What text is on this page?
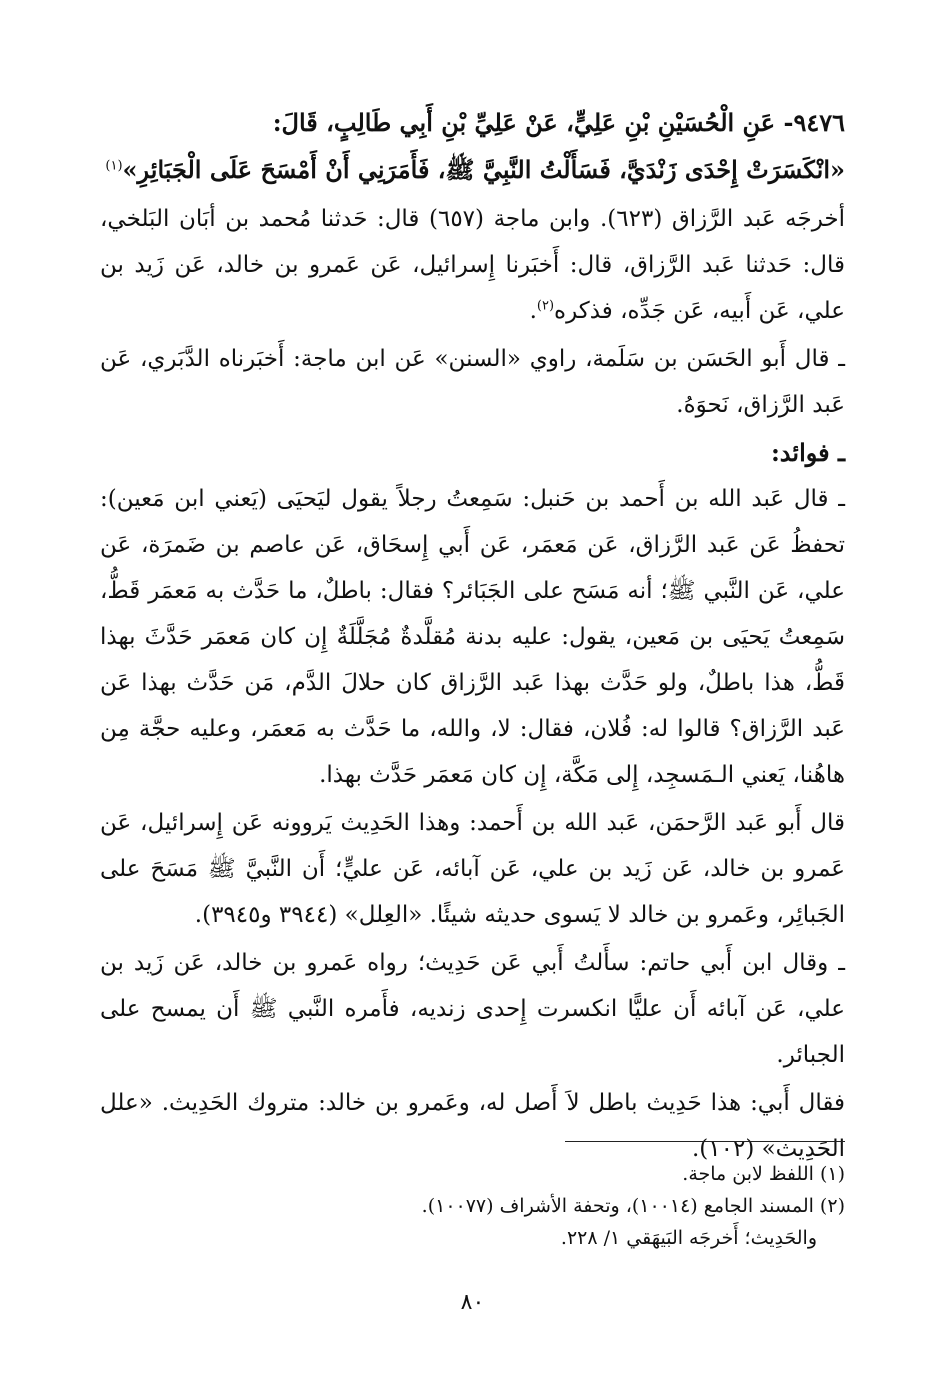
٩٤٧٦- عَنِ الْحُسَيْنِ بْنِ عَلِيٍّ، عَنْ عَلِيِّ بْنِ أَبِي طَالِبٍ، قَالَ:
«انْكَسَرَتْ إِحْدَى زَنْدَيَّ، فَسَأَلْتُ النَّبِيَّ ﷺ، فَأَمَرَنِي أَنْ أَمْسَحَ عَلَى الْجَبَائِرِ»$^{(١)}$

أخرجَه عَبد الرَّزاق (٦٢٣). وابن ماجة (٦٥٧) قال: حَدثنا مُحمد بن أبَان البَلخي، قال: حَدثنا عَبد الرَّزاق، قال: أَخبَرنا إِسرائيل، عَن عَمرو بن خالد، عَن زَيد بن علي، عَن أَبيه، عَن جَدِّه، فذكره$^{(٢)}$.

ـ قال أَبو الحَسَن بن سَلَمة، راوي «السنن» عَن ابن ماجة: أَخبَرناه الدَّبَري، عَن عَبد الرَّزاق، نَحوَهُ.

ـ فوائد:

ـ قال عَبد الله بن أَحمد بن حَنبل: سَمِعتُ رجلاً يقول ليَحيَى (يَعني ابن مَعين): تحفظُ عَن عَبد الرَّزاق، عَن مَعمَر، عَن أَبي إِسحَاق، عَن عاصم بن ضَمرَة، عَن علي، عَن النَّبي ﷺ؛ أنه مَسَح على الجَبَائر؟ فقال: باطلٌ، ما حَدَّث به مَعمَر قَطُّ، سَمِعتُ يَحيَى بن مَعين، يقول: عليه بدنة مُقلَّدةٌ مُجَلَّلَةٌ إِن كان مَعمَر حَدَّثَ بهذا قَطُّ، هذا باطلٌ، ولو حَدَّث بهذا عَبد الرَّزاق كان حلالَ الدَّم، مَن حَدَّث بهذا عَن عَبد الرَّزاق؟ قالوا له: فُلان، فقال: لا، والله، ما حَدَّث به مَعمَر، وعليه حجَّة مِن هاهُنا، يَعني الـمَسجِد، إِلى مَكَّة، إِن كان مَعمَر حَدَّث بهذا.

قال أَبو عَبد الرَّحمَن، عَبد الله بن أَحمد: وهذا الحَدِيث يَروونه عَن إِسرائيل، عَن عَمرو بن خالد، عَن زَيد بن علي، عَن آبائه، عَن عليٍّ؛ أَن النَّبيَّ ﷺ مَسَحَ على الجَبائِر، وعَمرو بن خالد لا يَسوى حديثه شيئًا. «العِلل» (٣٩٤٤ و٣٩٤٥).

ـ وقال ابن أَبي حاتم: سأَلتُ أَبي عَن حَدِيث؛ رواه عَمرو بن خالد، عَن زَيد بن علي، عَن آبائه أَن عليًّا انكسرت إِحدى زنديه، فأَمره النَّبي ﷺ أَن يمسح على الجبائر.

فقال أَبي: هذا حَدِيث باطل لاَ أَصل له، وعَمرو بن خالد: متروك الحَدِيث. «علل الحَدِيث» (١٠٢).

(١) اللفظ لابن ماجة.

(٢) المسند الجامع (١٠٠١٤)، وتحفة الأشراف (١٠٠٧٧).

والحَدِيث؛ أَخرجَه البَيهَقي ١/ ٢٢٨.

٨٠
